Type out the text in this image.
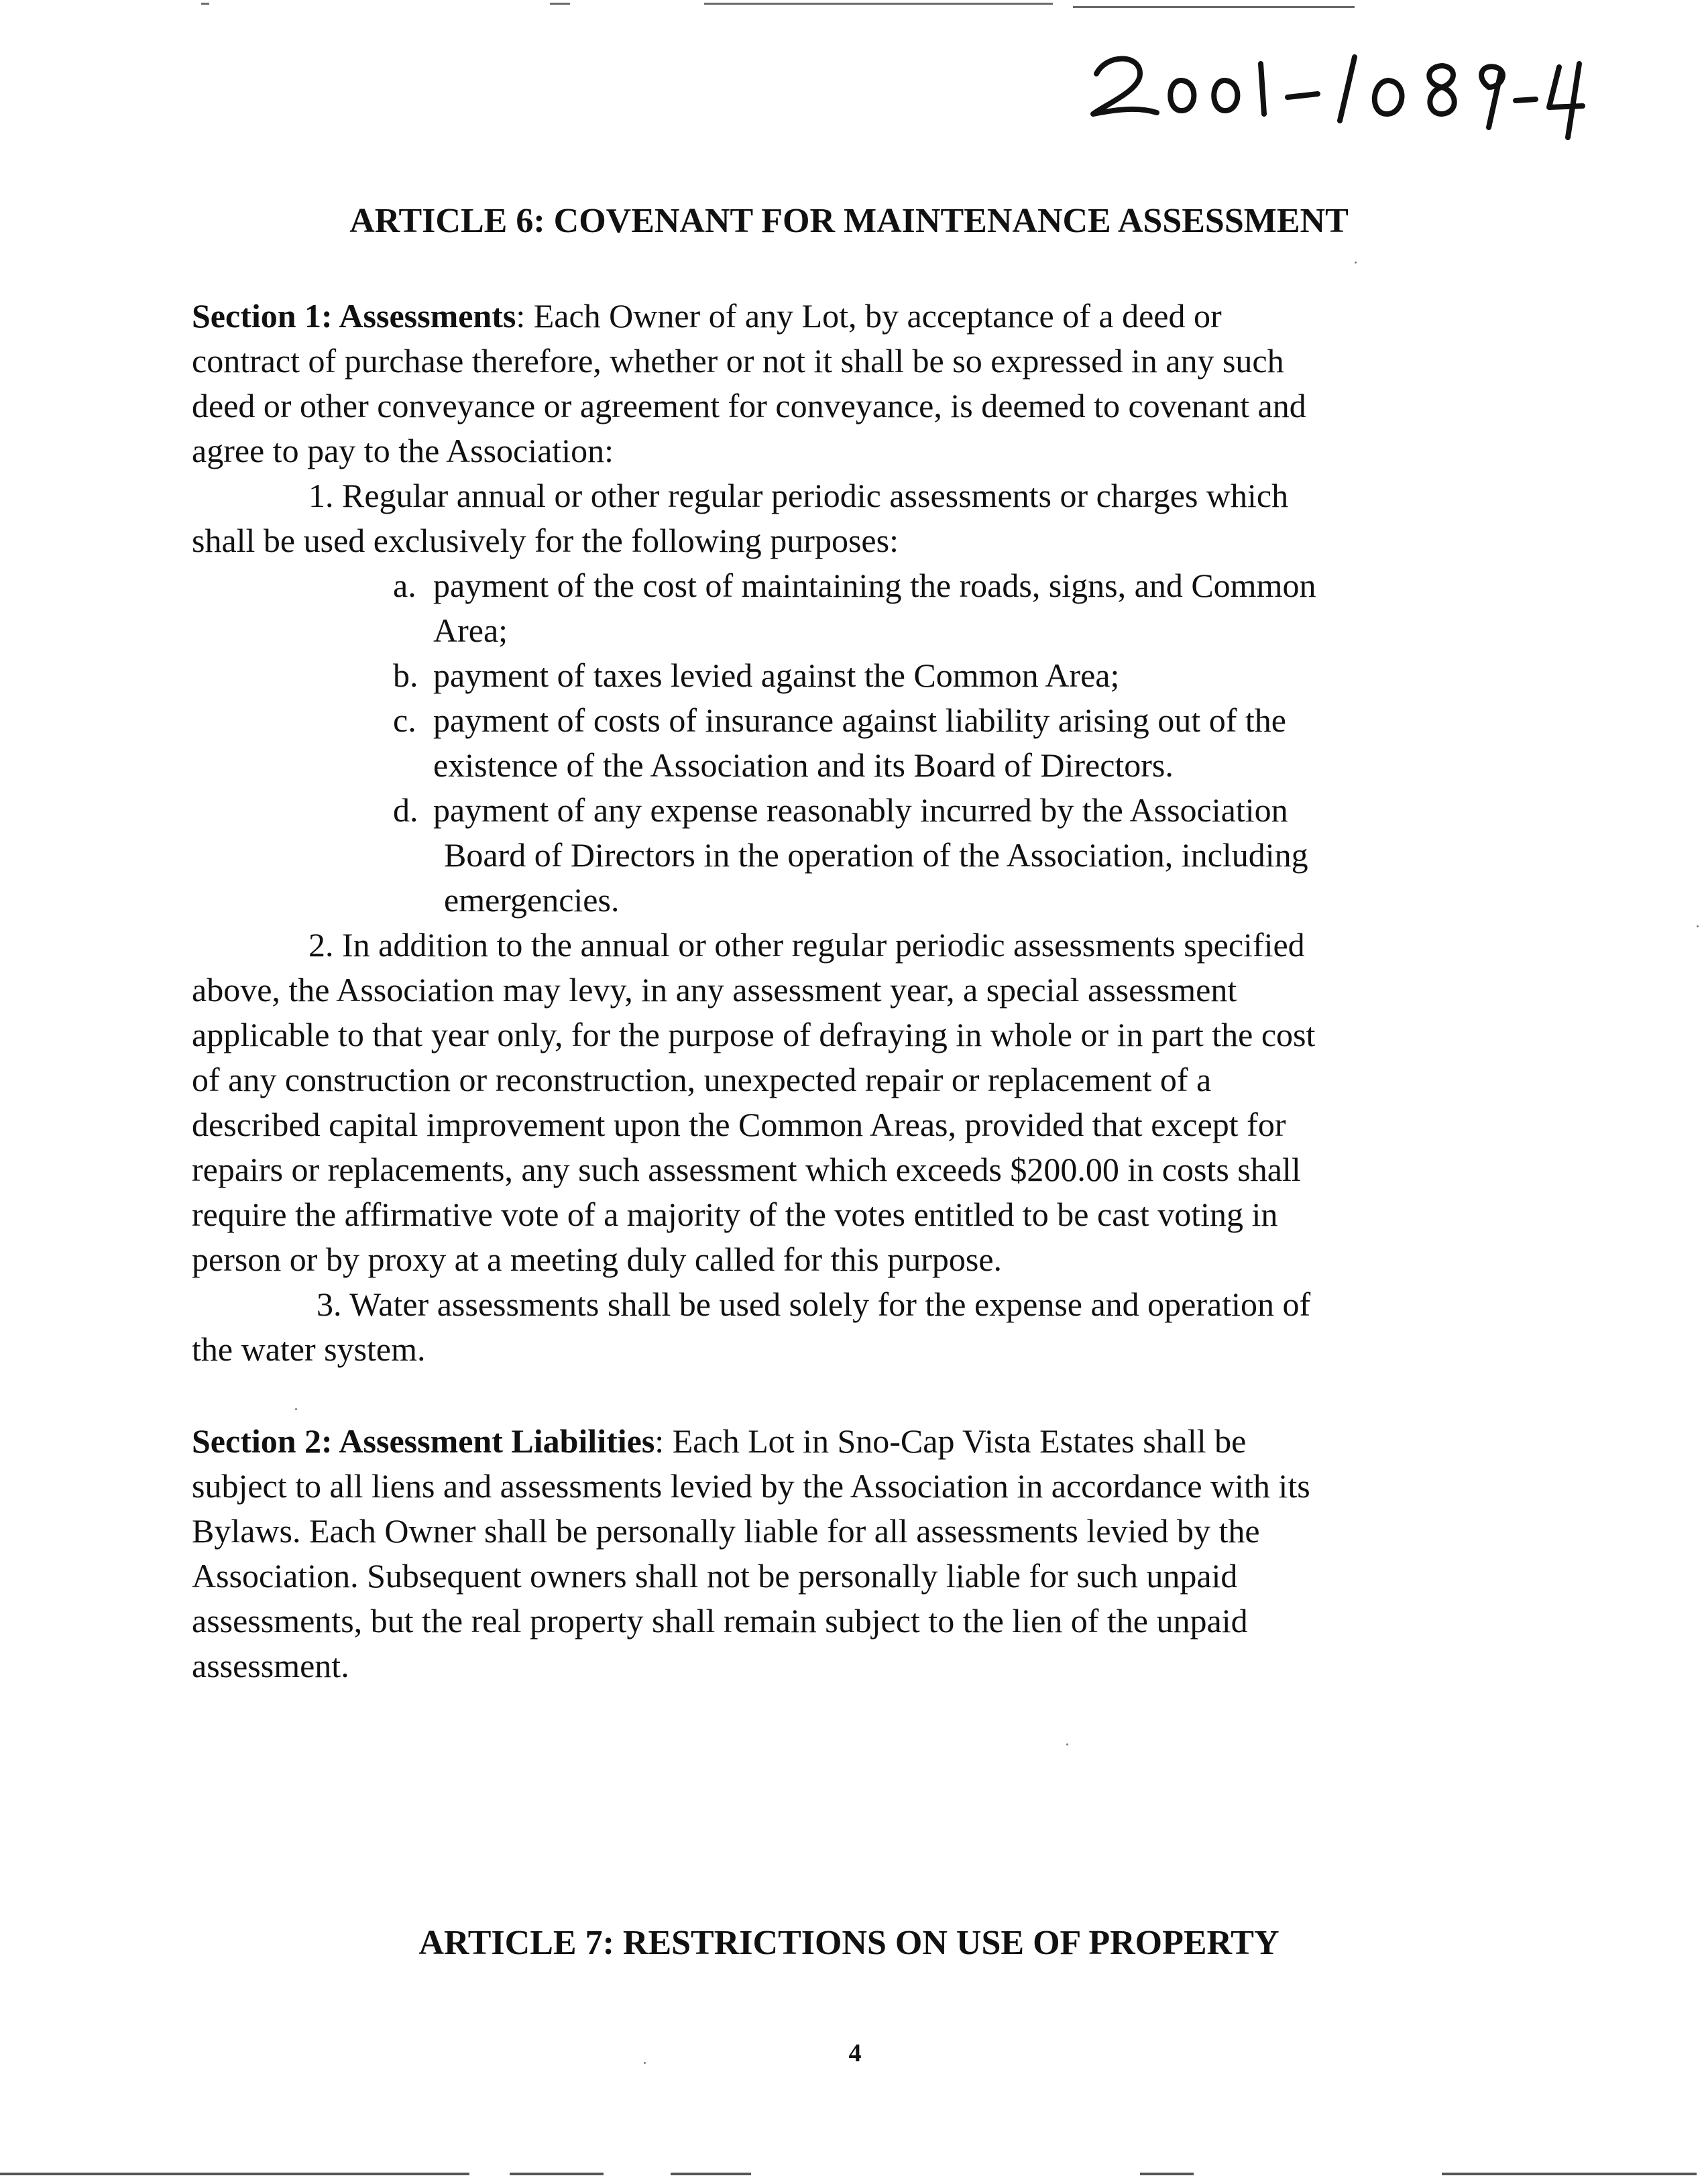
ARTICLE 6: COVENANT FOR MAINTENANCE ASSESSMENT
Section 1: Assessments: Each Owner of any Lot, by acceptance of a deed or
contract of purchase therefore, whether or not it shall be so expressed in any such
deed or other conveyance or agreement for conveyance, is deemed to covenant and
agree to pay to the Association:
1. Regular annual or other regular periodic assessments or charges which
shall be used exclusively for the following purposes:
a. payment of the cost of maintaining the roads, signs, and Common
Area;
b. payment of taxes levied against the Common Area;
c. payment of costs of insurance against liability arising out of the
existence of the Association and its Board of Directors.
d. payment of any expense reasonably incurred by the Association
Board of Directors in the operation of the Association, including
emergencies.
2. In addition to the annual or other regular periodic assessments specified
above, the Association may levy, in any assessment year, a special assessment
applicable to that year only, for the purpose of defraying in whole or in part the cost
of any construction or reconstruction, unexpected repair or replacement of a
described capital improvement upon the Common Areas, provided that except for
repairs or replacements, any such assessment which exceeds $200.00 in costs shall
require the affirmative vote of a majority of the votes entitled to be cast voting in
person or by proxy at a meeting duly called for this purpose.
3. Water assessments shall be used solely for the expense and operation of
the water system.
Section 2: Assessment Liabilities: Each Lot in Sno-Cap Vista Estates shall be
subject to all liens and assessments levied by the Association in accordance with its
Bylaws. Each Owner shall be personally liable for all assessments levied by the
Association. Subsequent owners shall not be personally liable for such unpaid
assessments, but the real property shall remain subject to the lien of the unpaid
assessment.
ARTICLE 7: RESTRICTIONS ON USE OF PROPERTY
4
